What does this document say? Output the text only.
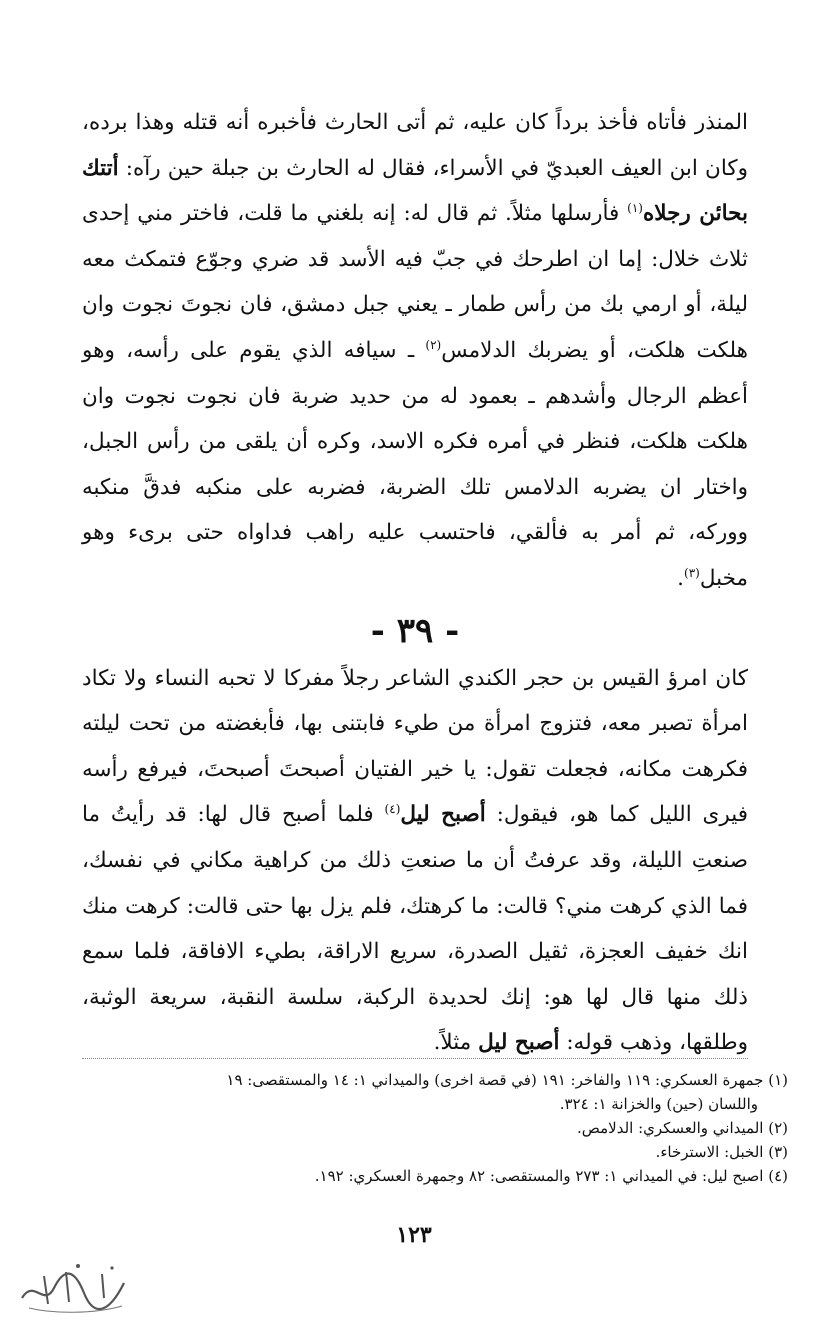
المنذر فأتاه فأخذ برداً كان عليه، ثم أتى الحارث فأخبره أنه قتله وهذا برده، وكان ابن العيف العبديّ في الأسراء، فقال له الحارث بن جبلة حين رآه: أتتك بحائن رجلاه$^{(١)}$ فأرسلها مثلاً. ثم قال له: إنه بلغني ما قلت، فاختر مني إحدى ثلاث خلال: إما ان اطرحك في جبّ فيه الأسد قد ضري وجوّع فتمكث معه ليلة، أو ارمي بك من رأس طمار ـ يعني جبل دمشق، فان نجوتَ نجوت وان هلكت هلكت، أو يضربك الدلامس$^{(٢)}$ ـ سيافه الذي يقوم على رأسه، وهو أعظم الرجال وأشدهم ـ بعمود له من حديد ضربة فان نجوت نجوت وان هلكت هلكت، فنظر في أمره فكره الاسد، وكره أن يلقى من رأس الجبل، واختار ان يضربه الدلامس تلك الضربة، فضربه على منكبه فدقَّ منكبه ووركه، ثم أمر به فألقي، فاحتسب عليه راهب فداواه حتى برىء وهو مخبل$^{(٣)}$.

- ٣٩ -

كان امرؤ القيس بن حجر الكندي الشاعر رجلاً مفركا لا تحبه النساء ولا تكاد امرأة تصبر معه، فتزوج امرأة من طيء فابتنى بها، فأبغضته من تحت ليلته فكرهت مكانه، فجعلت تقول: يا خير الفتيان أصبحتَ أصبحتَ، فيرفع رأسه فيرى الليل كما هو، فيقول: أصبح ليل$^{(٤)}$ فلما أصبح قال لها: قد رأيتُ ما صنعتِ الليلة، وقد عرفتُ أن ما صنعتِ ذلك من كراهية مكاني في نفسك، فما الذي كرهت مني؟ قالت: ما كرهتك، فلم يزل بها حتى قالت: كرهت منك انك خفيف العجزة، ثقيل الصدرة، سريع الاراقة، بطيء الافاقة، فلما سمع ذلك منها قال لها هو: إنك لحديدة الركبة، سلسة النقبة، سريعة الوثبة، وطلقها، وذهب قوله: أصبح ليل مثلاً.

(١) جمهرة العسكري: ١١٩ والفاخر: ١٩١ (في قصة اخرى) والميداني ١: ١٤ والمستقصى: ١٩

واللسان (حين) والخزانة ١: ٣٢٤.

(٢) الميداني والعسكري: الدلامص.

(٣) الخبل: الاسترخاء.

(٤) اصبح ليل: في الميداني ١: ٢٧٣ والمستقصى: ٨٢ وجمهرة العسكري: ١٩٢.

١٢٣
